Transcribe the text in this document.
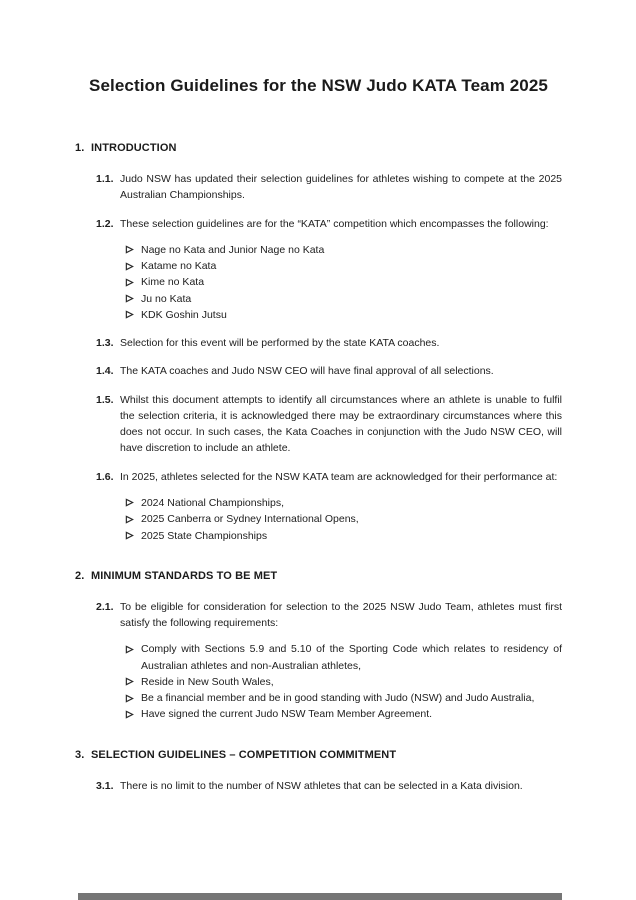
Selection Guidelines for the NSW Judo KATA Team 2025
1. INTRODUCTION
1.1. Judo NSW has updated their selection guidelines for athletes wishing to compete at the 2025 Australian Championships.
1.2. These selection guidelines are for the “KATA” competition which encompasses the following:
Nage no Kata and Junior Nage no Kata
Katame no Kata
Kime no Kata
Ju no Kata
KDK Goshin Jutsu
1.3. Selection for this event will be performed by the state KATA coaches.
1.4. The KATA coaches and Judo NSW CEO will have final approval of all selections.
1.5. Whilst this document attempts to identify all circumstances where an athlete is unable to fulfil the selection criteria, it is acknowledged there may be extraordinary circumstances where this does not occur. In such cases, the Kata Coaches in conjunction with the Judo NSW CEO, will have discretion to include an athlete.
1.6. In 2025, athletes selected for the NSW KATA team are acknowledged for their performance at:
2024 National Championships,
2025 Canberra or Sydney International Opens,
2025 State Championships
2. MINIMUM STANDARDS TO BE MET
2.1. To be eligible for consideration for selection to the 2025 NSW Judo Team, athletes must first satisfy the following requirements:
Comply with Sections 5.9 and 5.10 of the Sporting Code which relates to residency of Australian athletes and non-Australian athletes,
Reside in New South Wales,
Be a financial member and be in good standing with Judo (NSW) and Judo Australia,
Have signed the current Judo NSW Team Member Agreement.
3. SELECTION GUIDELINES – COMPETITION COMMITMENT
3.1. There is no limit to the number of NSW athletes that can be selected in a Kata division.
